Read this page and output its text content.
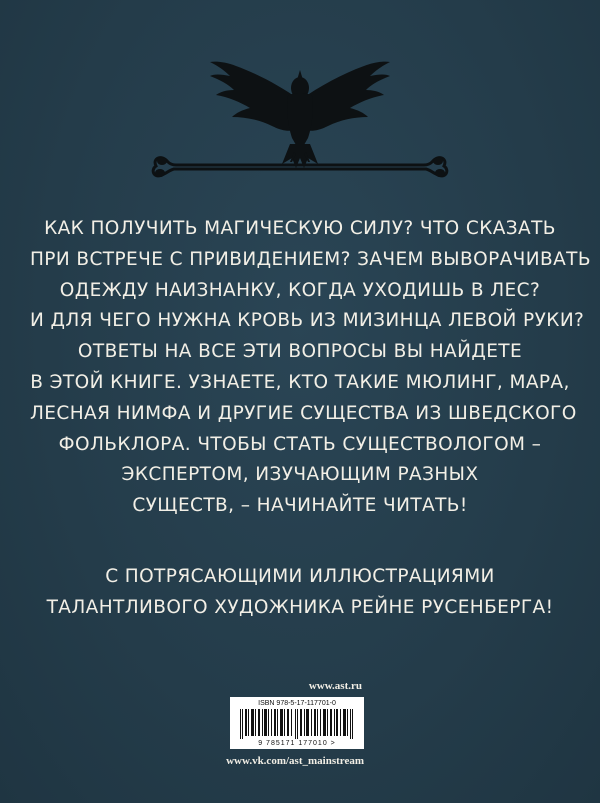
КАК ПОЛУЧИТЬ МАГИЧЕСКУЮ СИЛУ? ЧТО СКАЗАТЬ
ПРИ ВСТРЕЧЕ С ПРИВИДЕНИЕМ? ЗАЧЕМ ВЫВОРАЧИВАТЬ
ОДЕЖДУ НАИЗНАНКУ, КОГДА УХОДИШЬ В ЛЕС?
И ДЛЯ ЧЕГО НУЖНА КРОВЬ ИЗ МИЗИНЦА ЛЕВОЙ РУКИ?
ОТВЕТЫ НА ВСЕ ЭТИ ВОПРОСЫ ВЫ НАЙДЕТЕ
В ЭТОЙ КНИГЕ. УЗНАЕТЕ, КТО ТАКИЕ МЮЛИНГ, МАРА,
ЛЕСНАЯ НИМФА И ДРУГИЕ СУЩЕСТВА ИЗ ШВЕДСКОГО
ФОЛЬКЛОРА. ЧТОБЫ СТАТЬ СУЩЕСТВОЛОГОМ –
ЭКСПЕРТОМ, ИЗУЧАЮЩИМ РАЗНЫХ
СУЩЕСТВ, – НАЧИНАЙТЕ ЧИТАТЬ!
С ПОТРЯСАЮЩИМИ ИЛЛЮСТРАЦИЯМИ
ТАЛАНТЛИВОГО ХУДОЖНИКА РЕЙНЕ РУСЕНБЕРГА!
www.ast.ru
ISBN 978-5-17-117701-0
9 785171 177010 >
www.vk.com/ast_mainstream
